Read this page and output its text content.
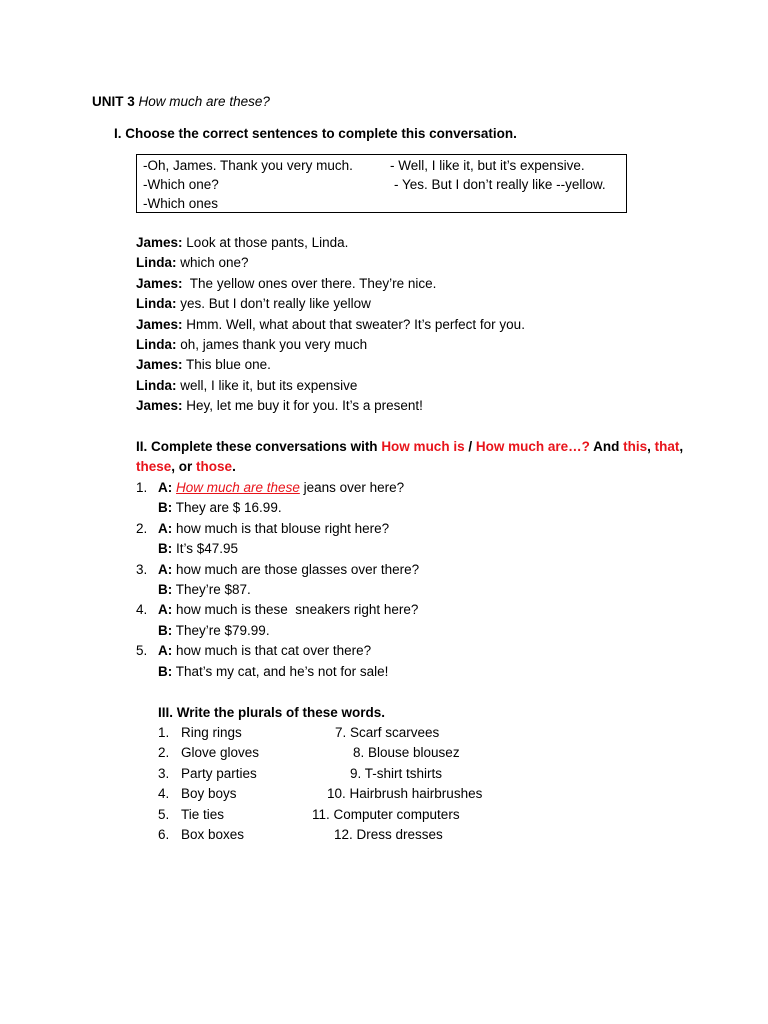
UNIT 3 How much are these?
I. Choose the correct sentences to complete this conversation.
-Oh, James. Thank you very much.
-Which one?
-Which ones
- Well, I like it, but it’s expensive.
- Yes. But I don’t really like --yellow.
James: Look at those pants, Linda.
Linda: which one?
James:  The yellow ones over there. They’re nice.
Linda: yes. But I don’t really like yellow
James: Hmm. Well, what about that sweater? It’s perfect for you.
Linda: oh, james thank you very much
James: This blue one.
Linda: well, I like it, but its expensive
James: Hey, let me buy it for you. It’s a present!
II. Complete these conversations with How much is / How much are…? And this, that,
these, or those.
1. A: How much are these jeans over here?
B: They are $ 16.99.
2. A: how much is that blouse right here?
B: It’s $47.95
3. A: how much are those glasses over there?
B: They’re $87.
4. A: how much is these  sneakers right here?
B: They’re $79.99.
5. A: how much is that cat over there?
B: That’s my cat, and he’s not for sale!
III. Write the plurals of these words.
1. Ring rings	7. Scarf scarvees
2. Glove gloves	8. Blouse blousez
3. Party parties	9. T-shirt tshirts
4. Boy boys	10. Hairbrush hairbrushes
5. Tie ties	11. Computer computers
6. Box boxes	12. Dress dresses
